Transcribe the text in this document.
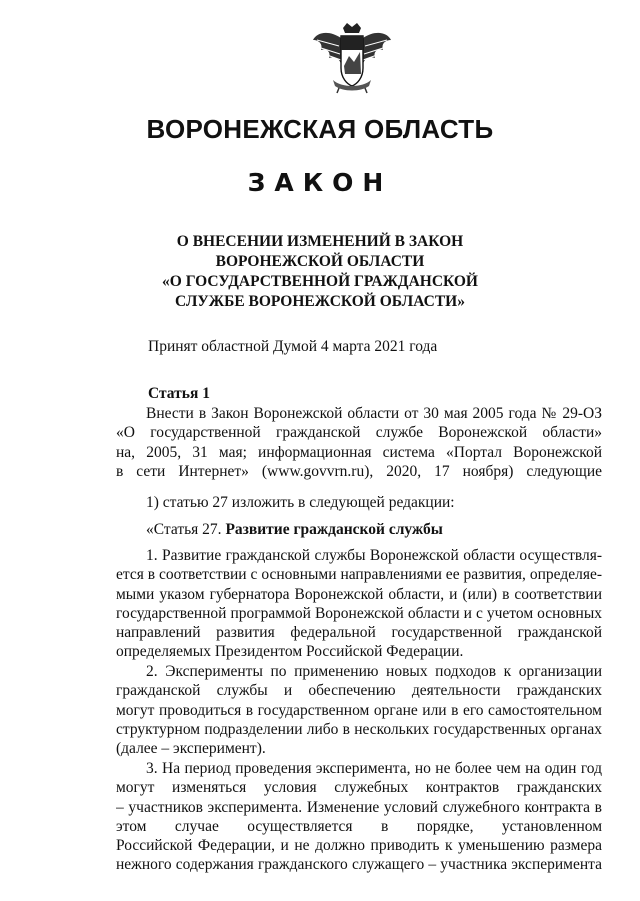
ВОРОНЕЖСКАЯ ОБЛАСТЬ
ЗАКОН
О ВНЕСЕНИИ ИЗМЕНЕНИЙ В ЗАКОН
ВОРОНЕЖСКОЙ ОБЛАСТИ
«О ГОСУДАРСТВЕННОЙ ГРАЖДАНСКОЙ
СЛУЖБЕ ВОРОНЕЖСКОЙ ОБЛАСТИ»
Принят областной Думой 4 марта 2021 года
Статья 1
Внести в Закон Воронежской области от 30 мая 2005 года № 29-ОЗ
«О государственной гражданской службе Воронежской области»
на, 2005, 31 мая; информационная система «Портал Воронежской
в сети Интернет» (www.govvrn.ru), 2020, 17 ноября) следующие
1) статью 27 изложить в следующей редакции:
«Статья 27. Развитие гражданской службы
1. Развитие гражданской службы Воронежской области осуществля-
ется в соответствии с основными направлениями ее развития, определяе-
мыми указом губернатора Воронежской области, и (или) в соответствии
государственной программой Воронежской области и с учетом основных
направлений развития федеральной государственной гражданской
определяемых Президентом Российской Федерации.
2. Эксперименты по применению новых подходов к организации
гражданской службы и обеспечению деятельности гражданских
могут проводиться в государственном органе или в его самостоятельном
структурном подразделении либо в нескольких государственных органах
(далее – эксперимент).
3. На период проведения эксперимента, но не более чем на один год
могут изменяться условия служебных контрактов гражданских
– участников эксперимента. Изменение условий служебного контракта в
этом случае осуществляется в порядке, установленном
Российской Федерации, и не должно приводить к уменьшению размера
нежного содержания гражданского служащего – участника эксперимента
